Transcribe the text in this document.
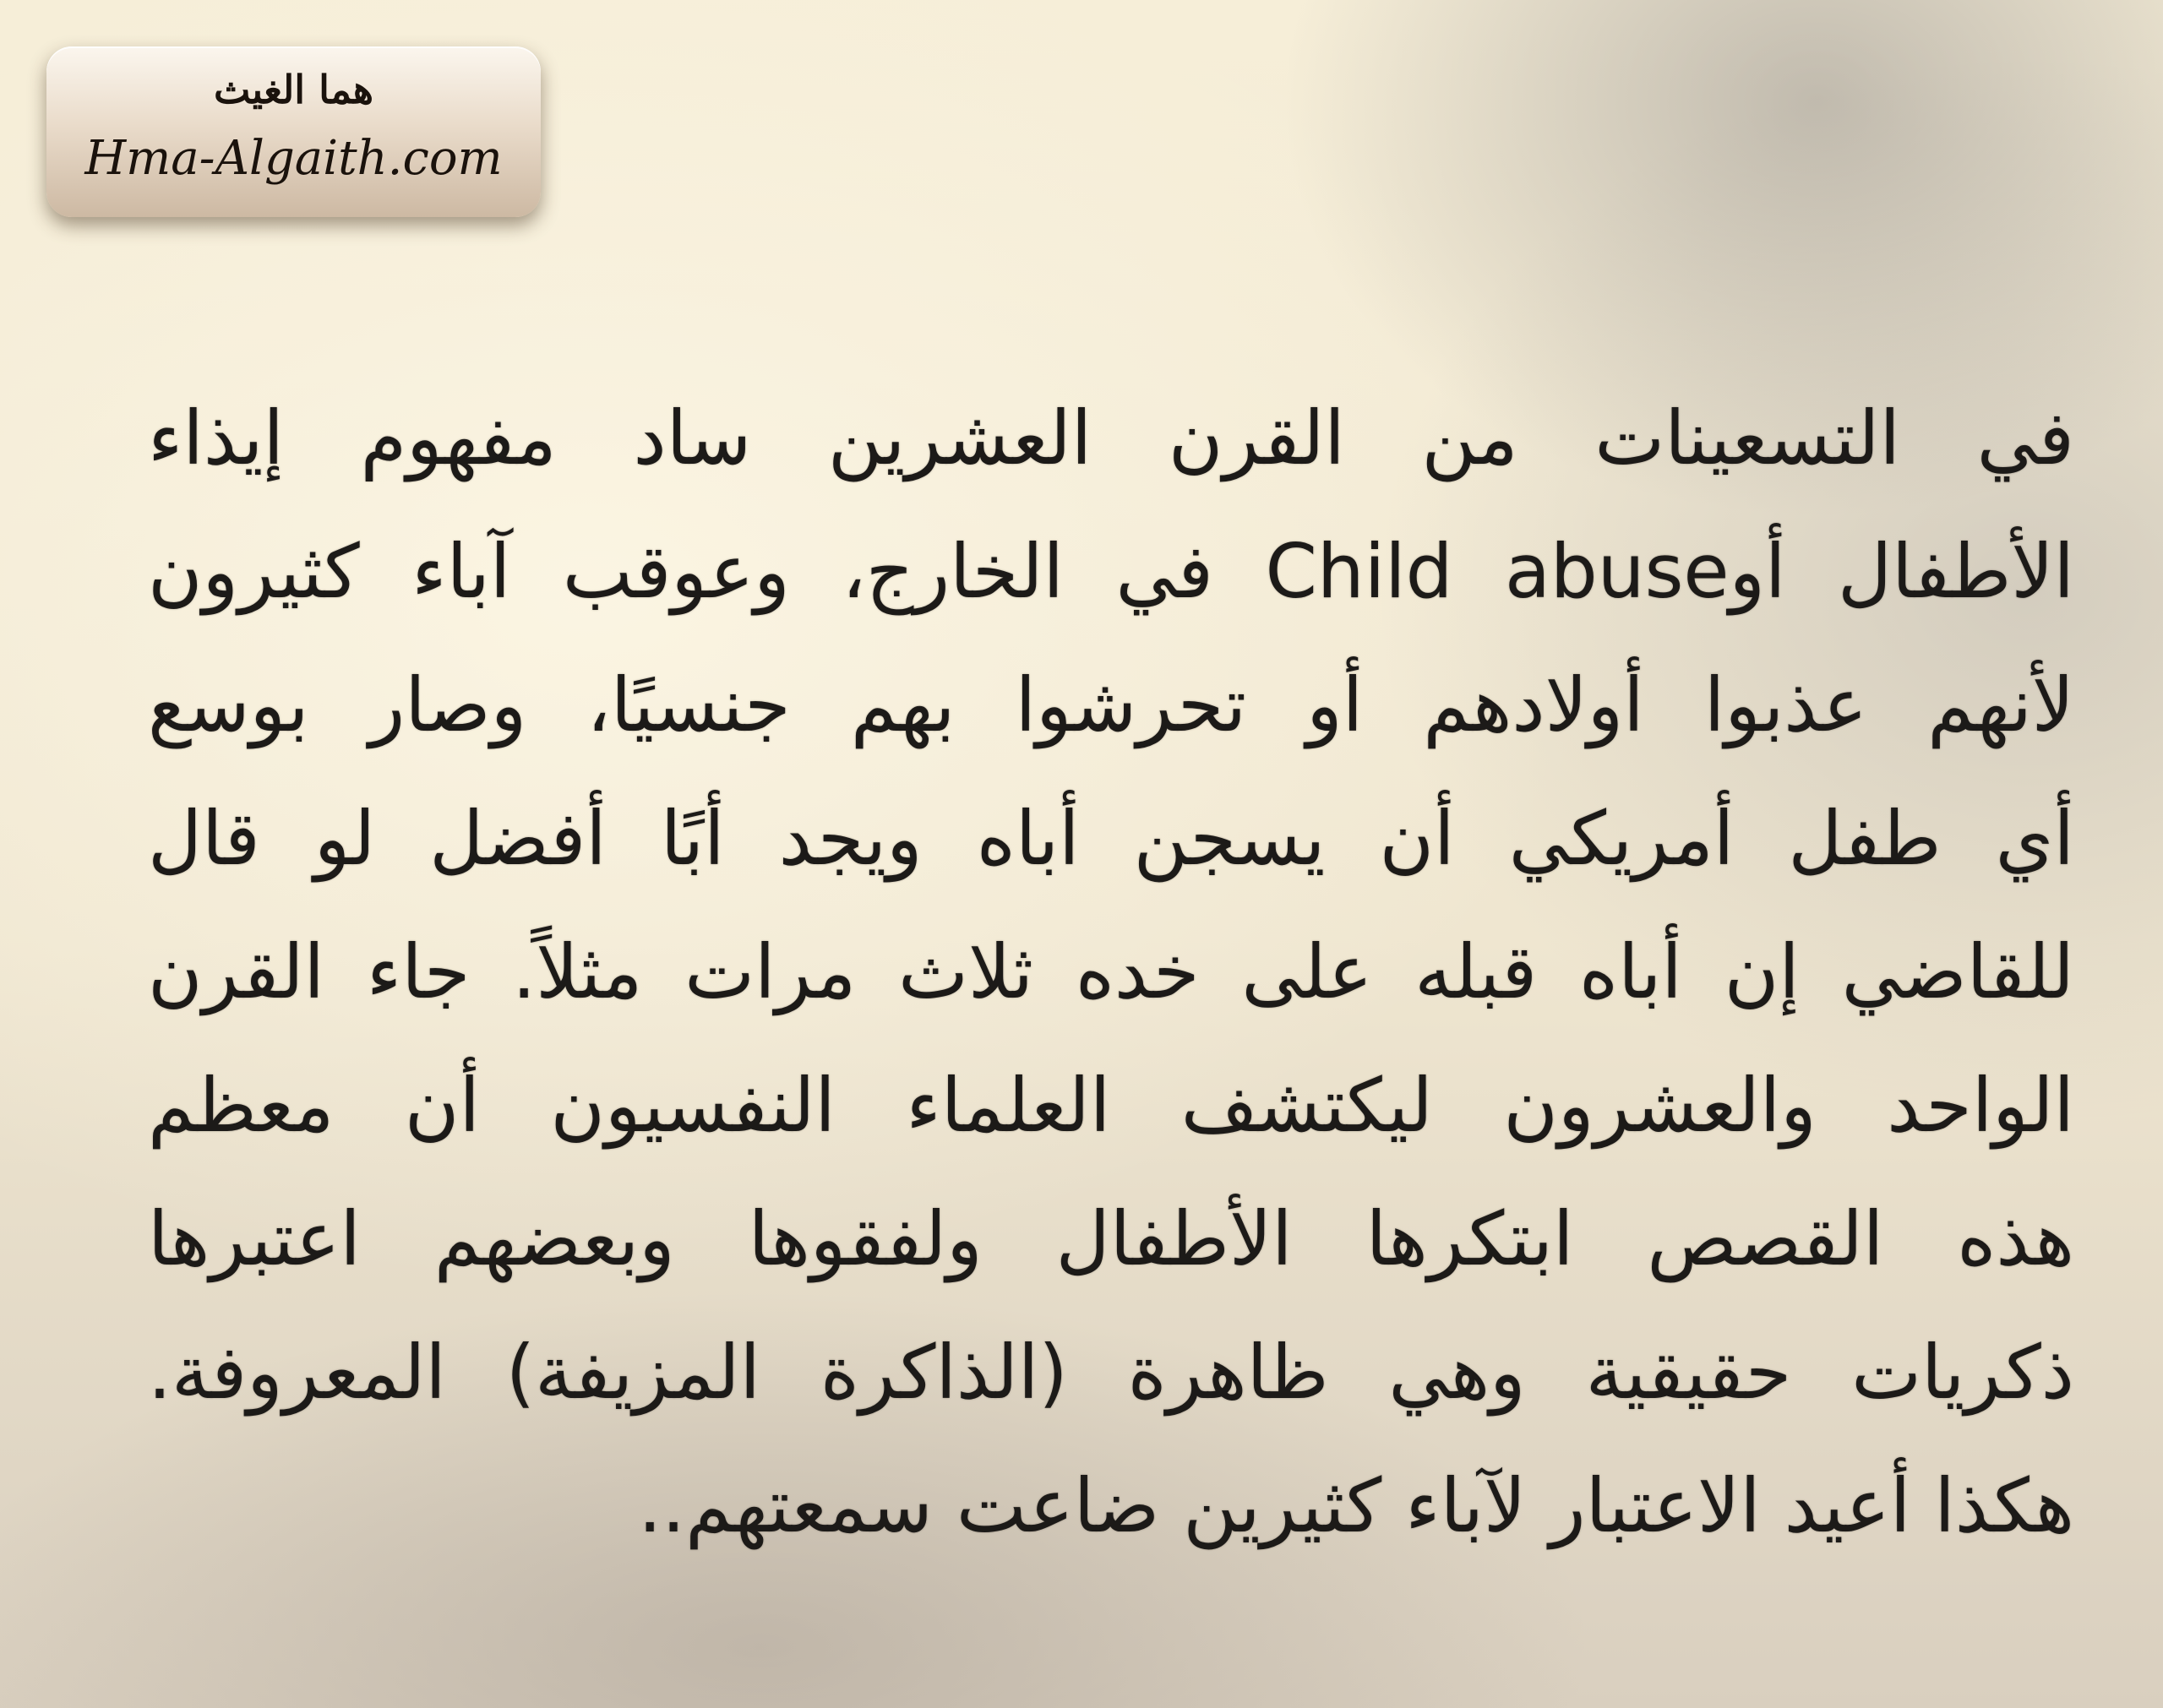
هما الغيث
Hma-Algaith.com
في التسعينات من القرن العشرين ساد مفهوم إيذاء
الأطفال أوChild abuse في الخارج، وعوقب آباء كثيرون
لأنهم عذبوا أولادهم أو تحرشوا بهم جنسيًا، وصار بوسع
أي طفل أمريكي أن يسجن أباه ويجد أبًا أفضل لو قال
للقاضي إن أباه قبله على خده ثلاث مرات مثلاً. جاء القرن
الواحد والعشرون ليكتشف العلماء النفسيون أن معظم
هذه القصص ابتكرها الأطفال ولفقوها وبعضهم اعتبرها
ذكريات حقيقية وهي ظاهرة (الذاكرة المزيفة) المعروفة.
هكذا أعيد الاعتبار لآباء كثيرين ضاعت سمعتهم..
